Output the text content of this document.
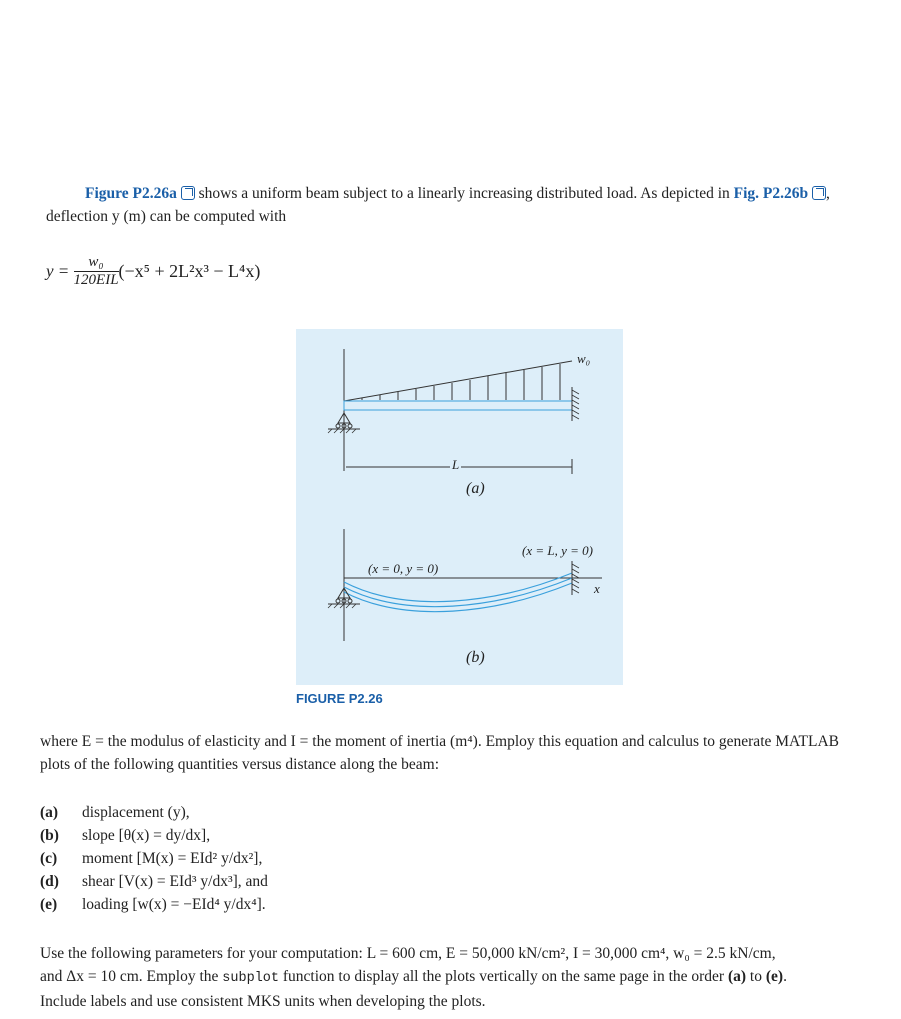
Figure P2.26a  shows a uniform beam subject to a linearly increasing distributed load. As depicted in Fig. P2.26b ,
deflection y (m) can be computed with
$y = \frac{\text{w₀}}{\text{120EIL}} (-x^5 + 2L^2x^3 - L^4x)$
w₀
L
(a)
(x = 0, y = 0)
(x = L, y = 0)
x
(b)
FIGURE P2.26
where E = the modulus of elasticity and I = the moment of inertia (m⁴). Employ this equation and calculus to generate MATLAB
plots of the following quantities versus distance along the beam:
(a) displacement (y),
(b) slope [θ(x) = dy/dx],
(c) moment [M(x) = EId² y/dx²],
(d) shear [V(x) = EId³ y/dx³], and
(e) loading [w(x) = −EId⁴ y/dx⁴].
Use the following parameters for your computation: L = 600 cm, E = 50,000 kN/cm², I = 30,000 cm⁴, w₀ = 2.5 kN/cm,
and Δx = 10 cm. Employ the subplot function to display all the plots vertically on the same page in the order (a) to (e).
Include labels and use consistent MKS units when developing the plots.
